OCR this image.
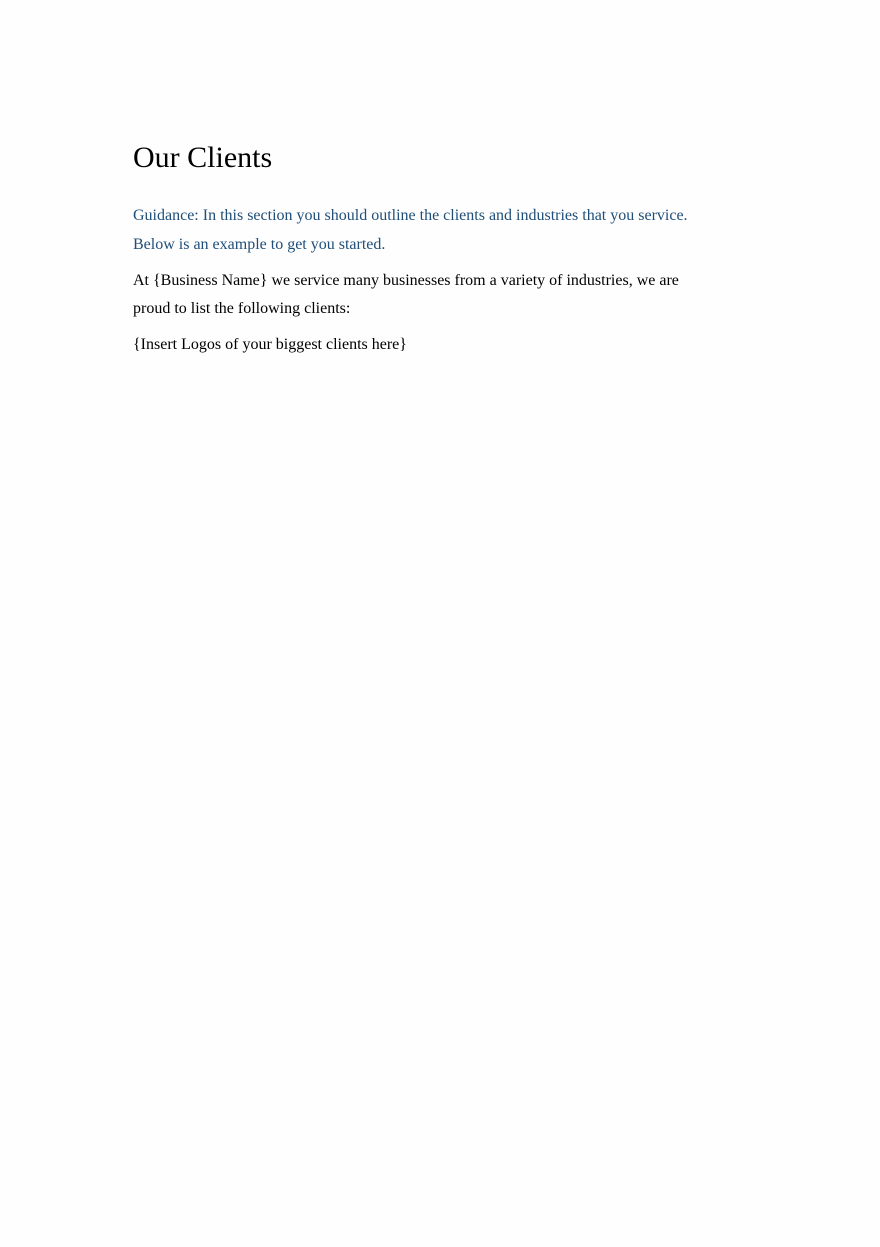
Our Clients

Guidance: In this section you should outline the clients and industries that you service.
Below is an example to get you started.

At {Business Name} we service many businesses from a variety of industries, we are
proud to list the following clients:

{Insert Logos of your biggest clients here}
